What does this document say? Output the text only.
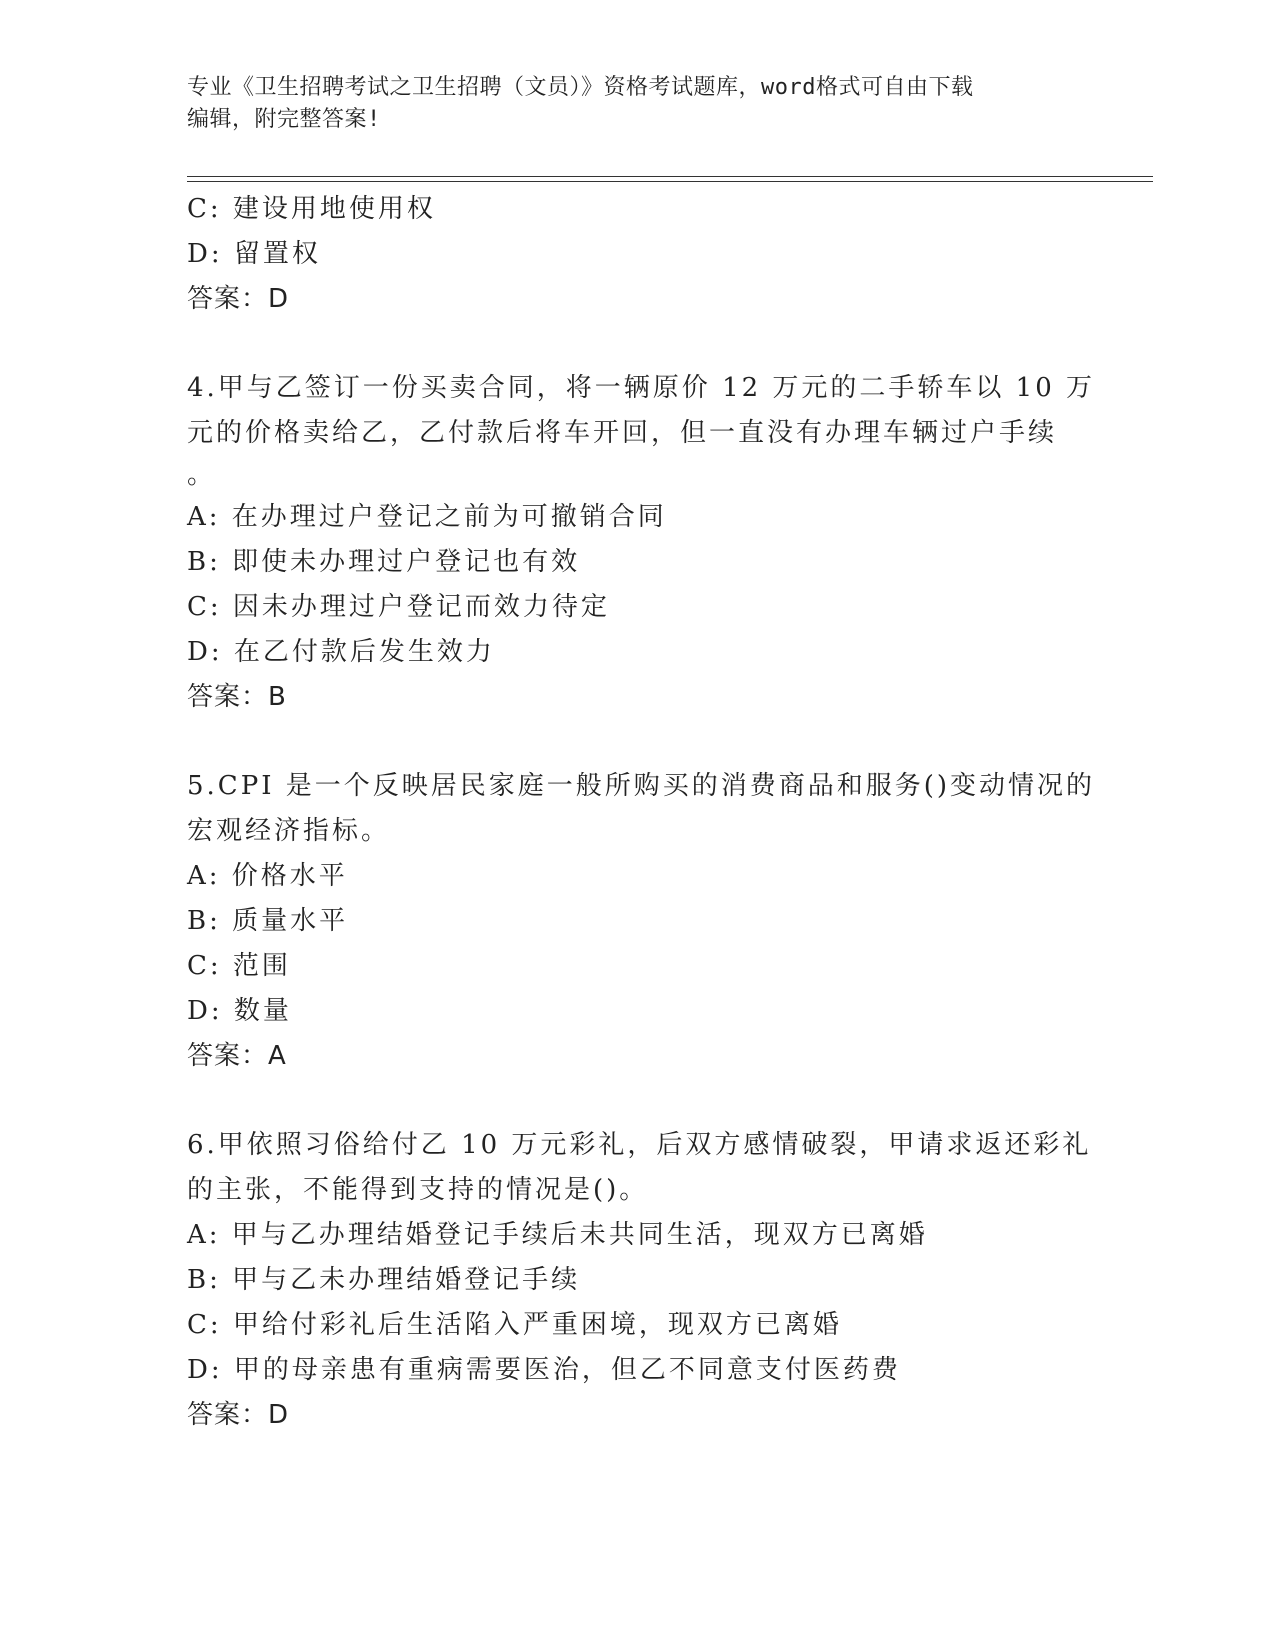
专业《卫生招聘考试之卫生招聘（文员）》资格考试题库，word格式可自由下载
编辑，附完整答案!
C: 建设用地使用权
D: 留置权
答案：D
4.甲与乙签订一份买卖合同，将一辆原价 12 万元的二手轿车以 10 万
元的价格卖给乙，乙付款后将车开回，但一直没有办理车辆过户手续
。
A: 在办理过户登记之前为可撤销合同
B: 即使未办理过户登记也有效
C: 因未办理过户登记而效力待定
D: 在乙付款后发生效力
答案：B
5.CPI 是一个反映居民家庭一般所购买的消费商品和服务()变动情况的
宏观经济指标。
A: 价格水平
B: 质量水平
C: 范围
D: 数量
答案：A
6.甲依照习俗给付乙 10 万元彩礼，后双方感情破裂，甲请求返还彩礼
的主张，不能得到支持的情况是()。
A: 甲与乙办理结婚登记手续后未共同生活，现双方已离婚
B: 甲与乙未办理结婚登记手续
C: 甲给付彩礼后生活陷入严重困境，现双方已离婚
D: 甲的母亲患有重病需要医治，但乙不同意支付医药费
答案：D
